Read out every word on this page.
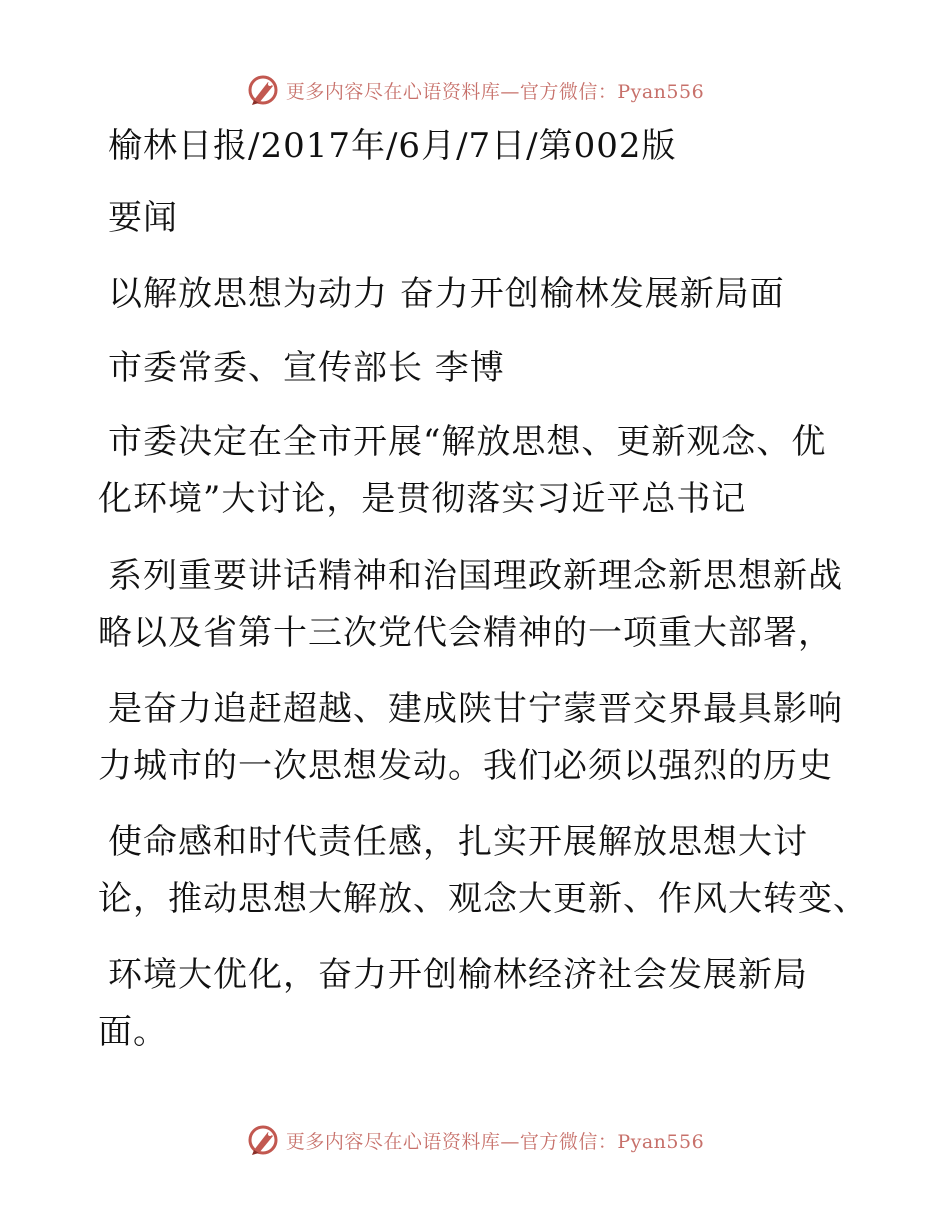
更多内容尽在心语资料库—官方微信：Pyan556
榆林日报/2017年/6月/7日/第002版
要闻
以解放思想为动力 奋力开创榆林发展新局面
市委常委、宣传部长 李博
市委决定在全市开展“解放思想、更新观念、优
化环境”大讨论，是贯彻落实习近平总书记
系列重要讲话精神和治国理政新理念新思想新战
略以及省第十三次党代会精神的一项重大部署，
是奋力追赶超越、建成陕甘宁蒙晋交界最具影响
力城市的一次思想发动。我们必须以强烈的历史
使命感和时代责任感，扎实开展解放思想大讨
论，推动思想大解放、观念大更新、作风大转变、
环境大优化，奋力开创榆林经济社会发展新局
面。
更多内容尽在心语资料库—官方微信：Pyan556
